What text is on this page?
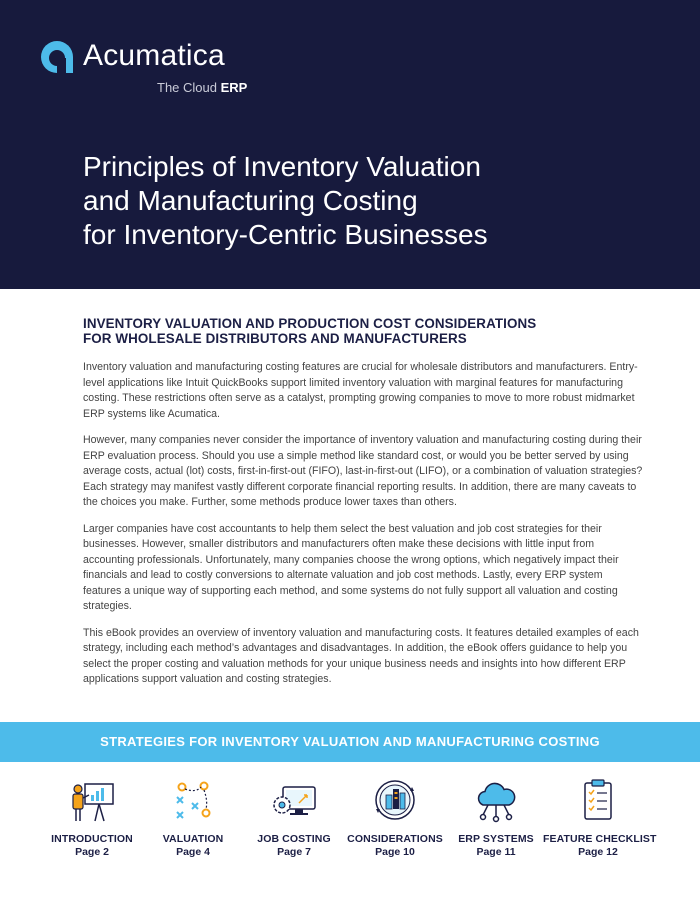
Acumatica
The Cloud ERP
Principles of Inventory Valuation
and Manufacturing Costing
for Inventory-Centric Businesses
INVENTORY VALUATION AND PRODUCTION COST CONSIDERATIONS
FOR WHOLESALE DISTRIBUTORS AND MANUFACTURERS

Inventory valuation and manufacturing costing features are crucial for wholesale distributors and manufacturers. Entry-level applications like Intuit QuickBooks support limited inventory valuation with marginal features for manufacturing costing. These restrictions often serve as a catalyst, prompting growing companies to move to more robust midmarket ERP systems like Acumatica.

However, many companies never consider the importance of inventory valuation and manufacturing costing during their ERP evaluation process. Should you use a simple method like standard cost, or would you be better served by using average costs, actual (lot) costs, first-in-first-out (FIFO), last-in-first-out (LIFO), or a combination of valuation strategies? Each strategy may manifest vastly different corporate financial reporting results. In addition, there are many caveats to the choices you make. Further, some methods produce lower taxes than others.

Larger companies have cost accountants to help them select the best valuation and job cost strategies for their businesses. However, smaller distributors and manufacturers often make these decisions with little input from accounting professionals. Unfortunately, many companies choose the wrong options, which negatively impact their financials and lead to costly conversions to alternate valuation and job cost methods. Lastly, every ERP system features a unique way of supporting each method, and some systems do not fully support all valuation and costing strategies.

This eBook provides an overview of inventory valuation and manufacturing costs. It features detailed examples of each strategy, including each method’s advantages and disadvantages. In addition, the eBook offers guidance to help you select the proper costing and valuation methods for your unique business needs and insights into how different ERP applications support valuation and costing strategies.

STRATEGIES FOR INVENTORY VALUATION AND MANUFACTURING COSTING
INTRODUCTION
Page 2
VALUATION
Page 4
JOB COSTING
Page 7
CONSIDERATIONS
Page 10
ERP SYSTEMS
Page 11
FEATURE CHECKLIST
Page 12
